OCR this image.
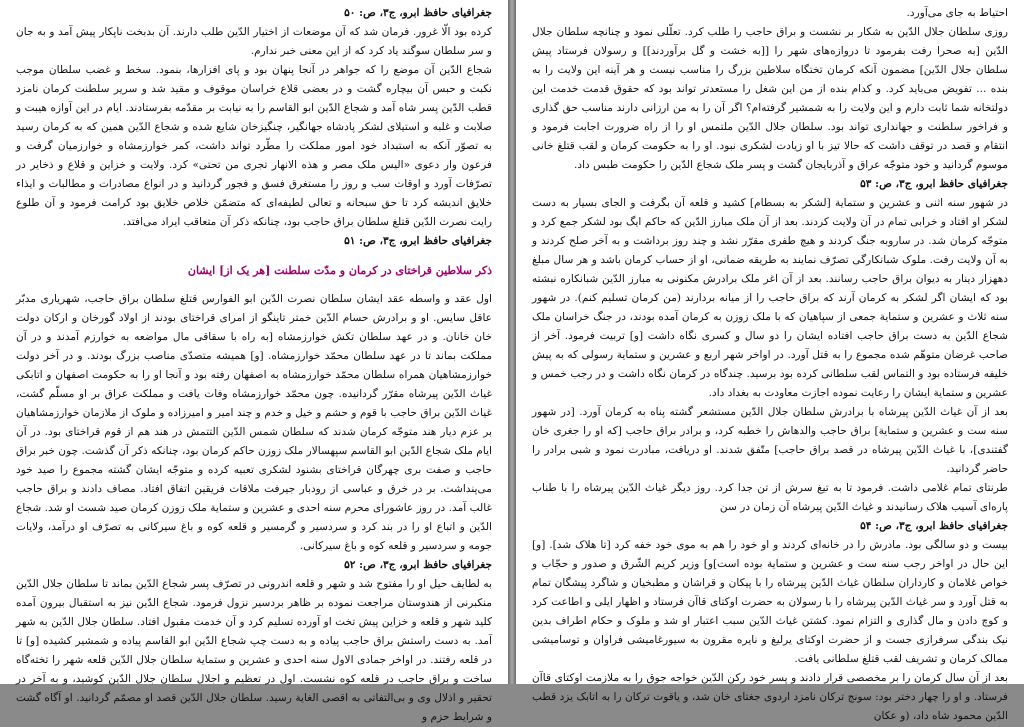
جغرافیای حافظ ابرو، ج۳، ص: ۵۰

کرده بود الّا غرور. فرمان شد که آن موضعات از اختیار الدّین طلب دارند. آن بدبخت ناپکار پیش آمد و به جان و سر سلطان سوگند یاد کرد که از این معنی خبر ندارم.

شجاع الدّین آن موضع را که جواهر در آنجا پنهان بود و پای افزارها، بنمود. سخط و غضب سلطان موجب نکبت و حبس آن بیچاره گشت و در بعضی قلاع خراسان موقوف و مقید شد و سریر سلطنت کرمان نامزد قطب الدّین پسر شاه آمد و شجاع الدّین ابو القاسم را به نیابت بر مقدّمه بفرستادند. ایام در این آوازه هیبت و صلابت و غلبه و استیلای لشکر پادشاه جهانگیر، چنگیزخان شایع شده و شجاع الدّین همین که به کرمان رسید به تصوّر آنکه به استبداد خود امور مملکت را مطّرد تواند داشت، کمر خوارزمشاه و خوارزمیان گرفت و فرعون وار دعوی «الیس ملک مصر و هذه الانهار تجری من تحتی» کرد. ولایت و خزاین و قلاع و ذخایر در تصرّفات آورد و اوقات سب و روز را مستغرق فسق و فجور گردانید و در انواع مصادرات و مطالبات و ایذاء خلایق اندیشه کرد تا حق سبحانه و تعالی لطیفه‌ای که متضمّن خلاص خلایق بود کرامت فرمود و آن طلوع رایت نصرت الدّین قتلغ سلطان براق حاجب بود، چنانکه ذکر آن متعاقب ایراد می‌افتد.

جغرافیای حافظ ابرو، ج۳، ص: ۵۱

ذکر سلاطین قراختای در کرمان و مدّت سلطنت [هر یک از] ایشان

اول عقد و واسطه عقد ایشان سلطان نصرت الدّین ابو الفوارس قتلغ سلطان براق حاجب، شهریاری مدبّر عاقل سایس. او و برادرش حسام الدّین خمتر تاینگو از امرای قراختای بودند از اولاد گورخان و ارکان دولت خان خانان. و در عهد سلطان تکش خوارزمشاه [به راه با سقاقی مال مواضعه به خوارزم آمدند و در آن مملکت بماند تا در عهد سلطان محمّد خوارزمشاه. [و] همیشه متصدّی مناصب بزرگ بودند. و در آخر دولت خوارزمشاهیان همراه سلطان محمّد خوارزمشاه به اصفهان رفته بود و آنجا او را به حکومت اصفهان و اتابکی غیاث الدّین پیرشاه مقرّر گردانیده. چون محمّد خوارزمشاه وفات یافت و مملکت عراق بر او مسلّم گشت، غیاث الدّین براق حاجب با قوم و حشم و خیل و خدم و چند امیر و امیرزاده و ملوک از ملازمان خوارزمشاهیان بر عزم دیار هند متوجّه کرمان شدند که سلطان شمس الدّین التتمش در هند هم از قوم قراختای بود. در آن ایام ملک شجاع الدّین ابو القاسم سپهسالار ملک زوزن حاکم کرمان بود، چنانکه ذکر آن گذشت. چون خبر براق حاجب و صفت بری چهرگان قراختای بشنود لشکری تعبیه کرده و متوجّه ایشان گشته مجموع را صید خود می‌پنداشت. بر در خرق و عباسی از رودبار جیرفت ملاقات فریقین اتفاق افتاد. مصاف دادند و براق حاجب غالب آمد. در روز عاشورای محرم سنه احدی و عشرین و ستمایة ملک زوزن کرمان صید شست او شد. شجاع الدّین و اتباع او را در بند کرد و سردسیر و گرمسیر و قلعه کوه و باغ سیرکانی به تصرّف او درآمد، ولایات جومه و سردسیر و قلعه کوه و باغ سیرکانی.

جغرافیای حافظ ابرو، ج۳، ص: ۵۲

به لطایف حیل او را مفتوح شد و شهر و قلعه اندرونی در تصرّف پسر شجاع الدّین بماند تا سلطان جلال الدّین منکبرنی از هندوستان مراجعت نموده بر ظاهر بردسیر نزول فرمود. شجاع الدّین نیز به استقبال بیرون آمده کلید شهر و قلعه و خزاین پیش تخت او آورده تسلیم کرد و آن خدمت مقبول افتاد. سلطان جلال الدّین به شهر آمد. به دست راستش براق حاجب پیاده و به دست چپ شجاع الدّین ابو القاسم پیاده و شمشیر کشیده [و] تا در قلعه رفتند. در اواخر جمادی الاول سنه احدی و عشرین و ستمایة سلطان جلال الدّین قلعه شهر را تخته‌گاه ساخت و براق حاجب در قلعه کوه نشست. اول در تعظیم و اجلال سلطان جلال الدّین کوشید، و به آخر در تحقیر و اذلال وی و بی‌التفاتی به اقصی الغایة رسید. سلطان جلال الدّین قصد او مصمّم گردانید. او آگاه گشت و شرایط حزم و

احتیاط به جای می‌آورد.

روزی سلطان جلال الدّین به شکار بر نشست و براق حاجب را طلب کرد. تعلّلی نمود و چنانچه سلطان جلال الدّین [به صحرا رفت بفرمود تا دروازه‌های شهر را [[به خشت و گل برآوردند]] و رسولان فرستاد پیش سلطان جلال الدّین] مضمون آنکه کرمان تختگاه سلاطین بزرگ را مناسب نیست و هر آینه این ولایت را به بنده ... تفویض می‌باید کرد. و کدام بنده از من این شغل را مستعدتر تواند بود که حقوق قدمت خدمت این دولتخانه شما ثابت دارم و این ولایت را به شمشیر گرفته‌ام؟ اگر آن را به من ارزانی دارند مناسب حق گذاری و فراخور سلطنت و جهانداری تواند بود. سلطان جلال الدّین ملتمس او را از راه ضرورت اجابت فرمود و انتقام و قصد در توقف داشت که حالا تیز با او زیادت لشکری نبود. او را به حکومت کرمان و لقب قتلغ خانی موسوم گردانید و خود متوجّه عراق و آذربایجان گشت و پسر ملک شجاع الدّین را حکومت طبس داد.

جغرافیای حافظ ابرو، ج۳، ص: ۵۳

در شهور سنه اثنی و عشرین و ستمایة [لشکر به بسطام] کشید و قلعه آن بگرفت و الجای بسیار به دست لشکر او افتاد و خرابی تمام در آن ولایت کردند. بعد از آن ملک مبارز الدّین که حاکم ایگ بود لشکر جمع کرد و متوجّه کرمان شد. در ساروبه جنگ کردند و هیچ طفری مقرّر نشد و چند روز برداشت و به آخر صلح کردند و به آن ولایت رفت. ملوک شبانکارگی تصرّف نمایند به طریقه ضمانی، او از حساب کرمان باشد و هر سال مبلغ دههزار دینار به دیوان براق حاجب رسانند. بعد از آن اغر ملک برادرش مکنونی به مبارز الدّین شبانکاره نبشته بود که ایشان اگر لشکر به کرمان آرند که براق حاجب را از میانه بردارند (من کرمان تسلیم کنم). در شهور سنه ثلاث و عشرین و ستمایة جمعی از سپاهیان که با ملک زوزن به کرمان آمده بودند، در جنگ خراسان ملک شجاع الدّین به دست براق حاجب افتاده ایشان را دو سال و کسری نگاه داشت [و] تربیت فرمود. آخر از صاحب غرضان متوهّم شده مجموع را به قتل آورد. در اواخر شهر اربع و عشرین و ستمایة رسولی که به پیش خلیفه فرستاده بود و التماس لقب سلطانی کرده بود برسید. چندگاه در کرمان نگاه داشت و در رجب خمس و عشرین و ستمایة ایشان را رعایت نموده اجازت معاودت به بغداد داد.

بعد از آن غیاث الدّین پیرشاه با برادرش سلطان جلال الدّین مستشعر گشته پناه به کرمان آورد. [در شهور سنه ست و عشرین و ستمایة] براق حاجب والدهاش را خطبه کرد، و برادر براق حاجب [که او را جغری خان گفتندی]، با غیاث الدّین پیرشاه در قصد براق حاجب] متّفق شدند. او دریافت، مبادرت نمود و شبی برادر را حاضر گردانید.

طرنتای تمام غلامی داشت. فرمود تا به تیغ سرش از تن جدا کرد. روز دیگر غیاث الدّین پیرشاه را با طناب پاره‌ای آسیب هلاک رسانیدند و غیاث الدّین پیرشاه آن زمان در سن

جغرافیای حافظ ابرو، ج۳، ص: ۵۴

بیست و دو سالگی بود. مادرش را در خانه‌ای کردند و او خود را هم به موی خود خفه کرد [تا هلاک شد]. [و] این حال در اواخر رجب سنه ست و عشرین و ستمایة بوده است]و] وزیر کریم الشّرق و صدور و حجّاب و خواص غلامان و کارداران سلطان غیاث الدّین پیرشاه را با پیکان و قراشان و مطبخیان و شاگرد پیشگان تمام به قتل آورد و سر غیاث الدّین پیرشاه را با رسولان به حضرت اوکتای قاآن فرستاد و اظهار ایلی و اطاعت کرد و کوچ دادن و مال گذاری و التزام نمود. کشتن غیاث الدّین سبب اعتبار او شد و ملوک و حکام اطراف بدین نیک بندگی سرفرازی جست و از حضرت اوکتای یرلیغ و نایره مقرون به سیورغامیشی فراوان و توسامیشی ممالک کرمان و تشریف لقب قتلغ سلطانی یافت.

بعد از آن سال کرمان را بر مخصصی قرار دادند و پسر خود رکن الدّین خواجه جوق را به ملازمت اوکتای قاآن فرستاد. و او را چهار دختر بود: سونج ترکان نامزد اردوی جغتای خان شد، و یاقوت ترکان را به اتابک یزد قطب الدّین محمود شاه داد، (و عکان
